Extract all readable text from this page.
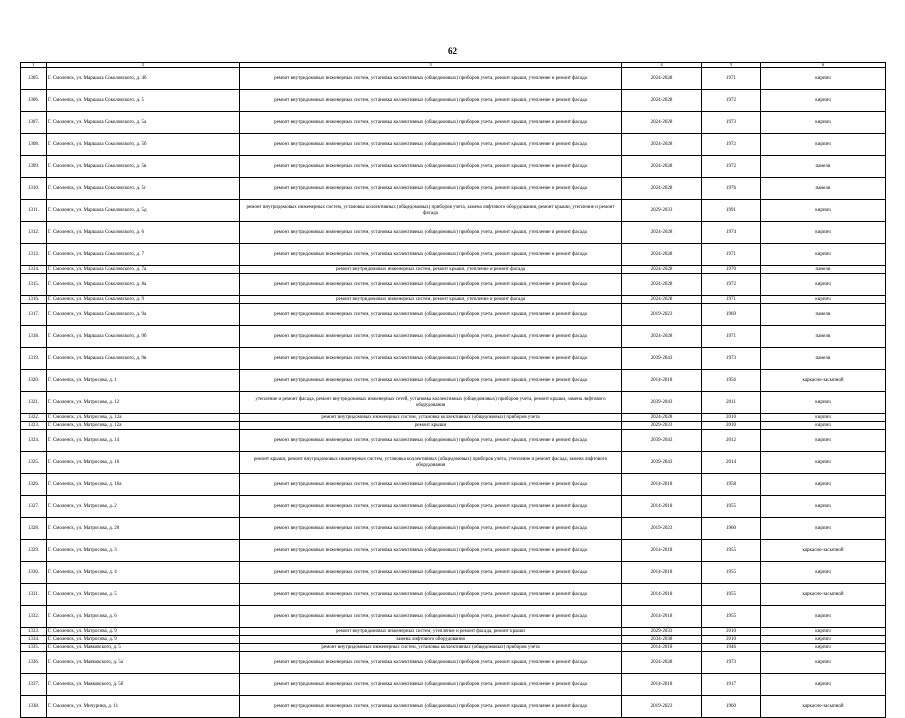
62
1	2	3	4	5	6
1305.	Г. Смоленск, ул. Маршала Соколовского, д. 4б	ремонт внутридомовых инженерных систем, установка коллективных (общедомовых) приборов учета, ремонт крыши, утепление и ремонт фасада	2024-2028	1971	кирпич
1306.	Г. Смоленск, ул. Маршала Соколовского, д. 5	ремонт внутридомовых инженерных систем, установка коллективных (общедомовых) приборов учета, ремонт крыши, утепление и ремонт фасада	2024-2028	1972	кирпич
1307.	Г. Смоленск, ул. Маршала Соколовского, д. 5а	ремонт внутридомовых инженерных систем, установка коллективных (общедомовых) приборов учета, ремонт крыши, утепление и ремонт фасада	2024-2028	1973	кирпич
1308.	Г. Смоленск, ул. Маршала Соколовского, д. 5б	ремонт внутридомовых инженерных систем, установка коллективных (общедомовых) приборов учета, ремонт крыши, утепление и ремонт фасада	2024-2028	1972	кирпич
1309.	Г. Смоленск, ул. Маршала Соколовского, д. 5в	ремонт внутридомовых инженерных систем, установка коллективных (общедомовых) приборов учета, ремонт крыши, утепление и ремонт фасада	2024-2028	1972	панели
1310.	Г. Смоленск, ул. Маршала Соколовского, д. 5г	ремонт внутридомовых инженерных систем, установка коллективных (общедомовых) приборов учета, ремонт крыши, утепление и ремонт фасада	2024-2028	1976	панели
1311.	Г. Смоленск, ул. Маршала Соколовского, д. 5д	ремонт внутридомовых инженерных систем, установка коллективных (общедомовых) приборов учета, замена лифтового оборудования, ремонт крыши, утепление и ремонт фасада	2029-2033	1991	кирпич
1312.	Г. Смоленск, ул. Маршала Соколовского, д. 6	ремонт внутридомовых инженерных систем, установка коллективных (общедомовых) приборов учета, ремонт крыши, утепление и ремонт фасада	2024-2028	1974	кирпич
1313.	Г. Смоленск, ул. Маршала Соколовского, д. 7	ремонт внутридомовых инженерных систем, установка коллективных (общедомовых) приборов учета, ремонт крыши, утепление и ремонт фасада	2024-2028	1971	кирпич
1314.	Г. Смоленск, ул. Маршала Соколовского, д. 7а	ремонт внутридомовых инженерных систем, ремонт крыши, утепление и ремонт фасада	2024-2028	1970	панели
1315.	Г. Смоленск, ул. Маршала Соколовского, д. 8а	ремонт внутридомовых инженерных систем, установка коллективных (общедомовых) приборов учета, ремонт крыши, утепление и ремонт фасада	2024-2028	1972	кирпич
1316.	Г. Смоленск, ул. Маршала Соколовского, д. 9	ремонт внутридомовых инженерных систем, ремонт крыши, утепление и ремонт фасада	2024-2028	1971	кирпич
1317.	Г. Смоленск, ул. Маршала Соколовского, д. 9а	ремонт внутридомовых инженерных систем, установка коллективных (общедомовых) приборов учета, ремонт крыши, утепление и ремонт фасада	2019-2023	1969	панели
1318.	Г. Смоленск, ул. Маршала Соколовского, д. 9б	ремонт внутридомовых инженерных систем, установка коллективных (общедомовых) приборов учета, ремонт крыши, утепление и ремонт фасада	2024-2028	1971	панели
1319.	Г. Смоленск, ул. Маршала Соколовского, д. 9в	ремонт внутридомовых инженерных систем, установка коллективных (общедомовых) приборов учета, ремонт крыши, утепление и ремонт фасада	2039-2043	1973	панели
1320.	Г. Смоленск, ул. Матросова, д. 1	ремонт внутридомовых инженерных систем, установка коллективных (общедомовых) приборов учета, ремонт крыши, утепление и ремонт фасада	2014-2018	1956	каркасно-засыпной
1321.	Г. Смоленск, ул. Матросова, д. 12	утепление и ремонт фасада, ремонт внутридомовых инженерных сетей, установка коллективных (общедомовых) приборов учета, ремонт крыши, замена лифтового оборудования	2039-2043	2011	кирпич
1322.	Г. Смоленск, ул. Матросова, д. 12а	ремонт внутридомовых инженерных систем, установка коллективных (общедомовых) приборов учета	2024-2028	2010	кирпич
1323.	Г. Смоленск, ул. Матросова, д. 12а	ремонт крыши	2029-2033	2010	кирпич
1324.	Г. Смоленск, ул. Матросова, д. 14	ремонт внутридомовых инженерных систем, установка коллективных (общедомовых) приборов учета, ремонт крыши, утепление и ремонт фасада	2039-2043	2012	кирпич
1325.	Г. Смоленск, ул. Матросова, д. 16	ремонт крыши, ремонт внутридомовых инженерных систем, установка коллективных (общедомовых) приборов учета, утепление и ремонт фасада, замена лифтового оборудования	2039-2043	2014	кирпич
1326.	Г. Смоленск, ул. Матросова, д. 16а	ремонт внутридомовых инженерных систем, установка коллективных (общедомовых) приборов учета, ремонт крыши, утепление и ремонт фасада	2014-2018	1958	кирпич
1327.	Г. Смоленск, ул. Матросова, д. 2	ремонт внутридомовых инженерных систем, установка коллективных (общедомовых) приборов учета, ремонт крыши, утепление и ремонт фасада	2014-2018	1955	кирпич
1328.	Г. Смоленск, ул. Матросова, д. 20	ремонт внутридомовых инженерных систем, установка коллективных (общедомовых) приборов учета, ремонт крыши, утепление и ремонт фасада	2019-2023	1960	кирпич
1329.	Г. Смоленск, ул. Матросова, д. 3	ремонт внутридомовых инженерных систем, установка коллективных (общедомовых) приборов учета, ремонт крыши, утепление и ремонт фасада	2014-2018	1955	каркасно-засыпной
1330.	Г. Смоленск, ул. Матросова, д. 4	ремонт внутридомовых инженерных систем, установка коллективных (общедомовых) приборов учета, ремонт крыши, утепление и ремонт фасада	2014-2018	1955	кирпич
1331.	Г. Смоленск, ул. Матросова, д. 5	ремонт внутридомовых инженерных систем, установка коллективных (общедомовых) приборов учета, ремонт крыши, утепление и ремонт фасада	2014-2018	1955	каркасно-засыпной
1332.	Г. Смоленск, ул. Матросова, д. 6	ремонт внутридомовых инженерных систем, установка коллективных (общедомовых) приборов учета, ремонт крыши, утепление и ремонт фасада	2014-2018	1955	кирпич
1333.	Г. Смоленск, ул. Матросова, д. 9	ремонт внутридомовых инженерных систем, утепление и ремонт фасада, ремонт крыши	2029-2033	2010	кирпич
1334.	Г. Смоленск, ул. Матросова, д. 9	замена лифтового оборудования	2034-2038	2010	кирпич
1335.	Г. Смоленск, ул. Маяковского, д. 5	ремонт внутридомовых инженерных систем, установка коллективных (общедомовых) приборов учета	2014-2018	1946	кирпич
1336.	Г. Смоленск, ул. Маяковского, д. 5а	ремонт внутридомовых инженерных систем, установка коллективных (общедомовых) приборов учета, ремонт крыши, утепление и ремонт фасада	2024-2028	1973	кирпич
1337.	Г. Смоленск, ул. Маяковского, д. 5б	ремонт внутридомовых инженерных систем, установка коллективных (общедомовых) приборов учета, ремонт крыши, утепление и ремонт фасада	2014-2018	1917	кирпич
1338.	Г. Смоленск, ул. Мичурина, д. 11	ремонт внутридомовых инженерных систем, установка коллективных (общедомовых) приборов учета, ремонт крыши, утепление и ремонт фасада	2019-2023	1960	каркасно-засыпной
